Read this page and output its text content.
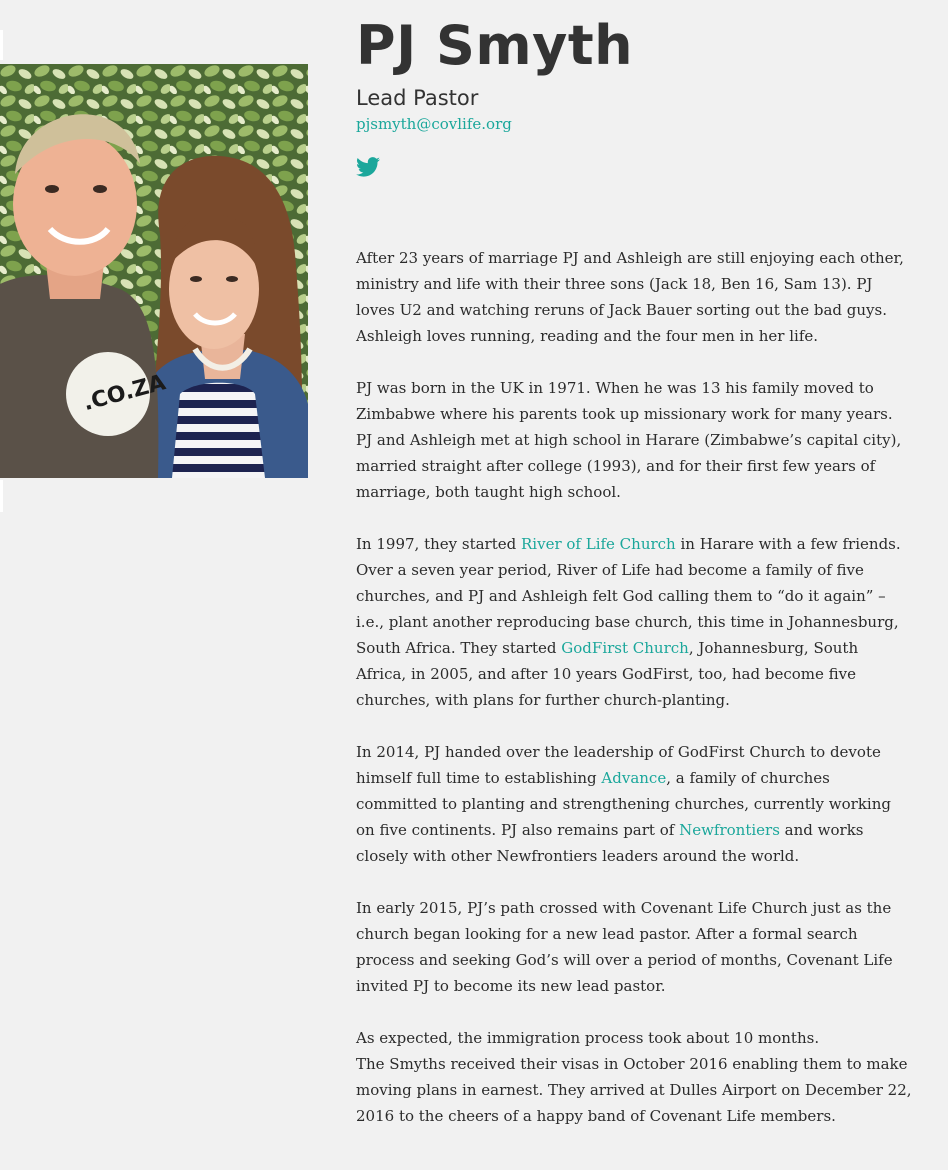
.CO.ZA
PJ Smyth
Lead Pastor
pjsmyth@covlife.org

After 23 years of marriage PJ and Ashleigh are still enjoying each other, ministry and life with their three sons (Jack 18, Ben 16, Sam 13). PJ loves U2 and watching reruns of Jack Bauer sorting out the bad guys. Ashleigh loves running, reading and the four men in her life.

PJ was born in the UK in 1971. When he was 13 his family moved to Zimbabwe where his parents took up missionary work for many years. PJ and Ashleigh met at high school in Harare (Zimbabwe’s capital city), married straight after college (1993), and for their first few years of marriage, both taught high school.

In 1997, they started River of Life Church in Harare with a few friends. Over a seven year period, River of Life had become a family of five churches, and PJ and Ashleigh felt God calling them to “do it again” – i.e., plant another reproducing base church, this time in Johannesburg, South Africa. They started GodFirst Church, Johannesburg, South Africa, in 2005, and after 10 years GodFirst, too, had become five churches, with plans for further church-planting.

In 2014, PJ handed over the leadership of GodFirst Church to devote himself full time to establishing Advance, a family of churches committed to planting and strengthening churches, currently working on five continents. PJ also remains part of Newfrontiers and works closely with other Newfrontiers leaders around the world.

In early 2015, PJ’s path crossed with Covenant Life Church just as the church began looking for a new lead pastor. After a formal search process and seeking God’s will over a period of months, Covenant Life invited PJ to become its new lead pastor.

As expected, the immigration process took about 10 months.
The Smyths received their visas in October 2016 enabling them to make moving plans in earnest. They arrived at Dulles Airport on December 22, 2016 to the cheers of a happy band of Covenant Life members.
